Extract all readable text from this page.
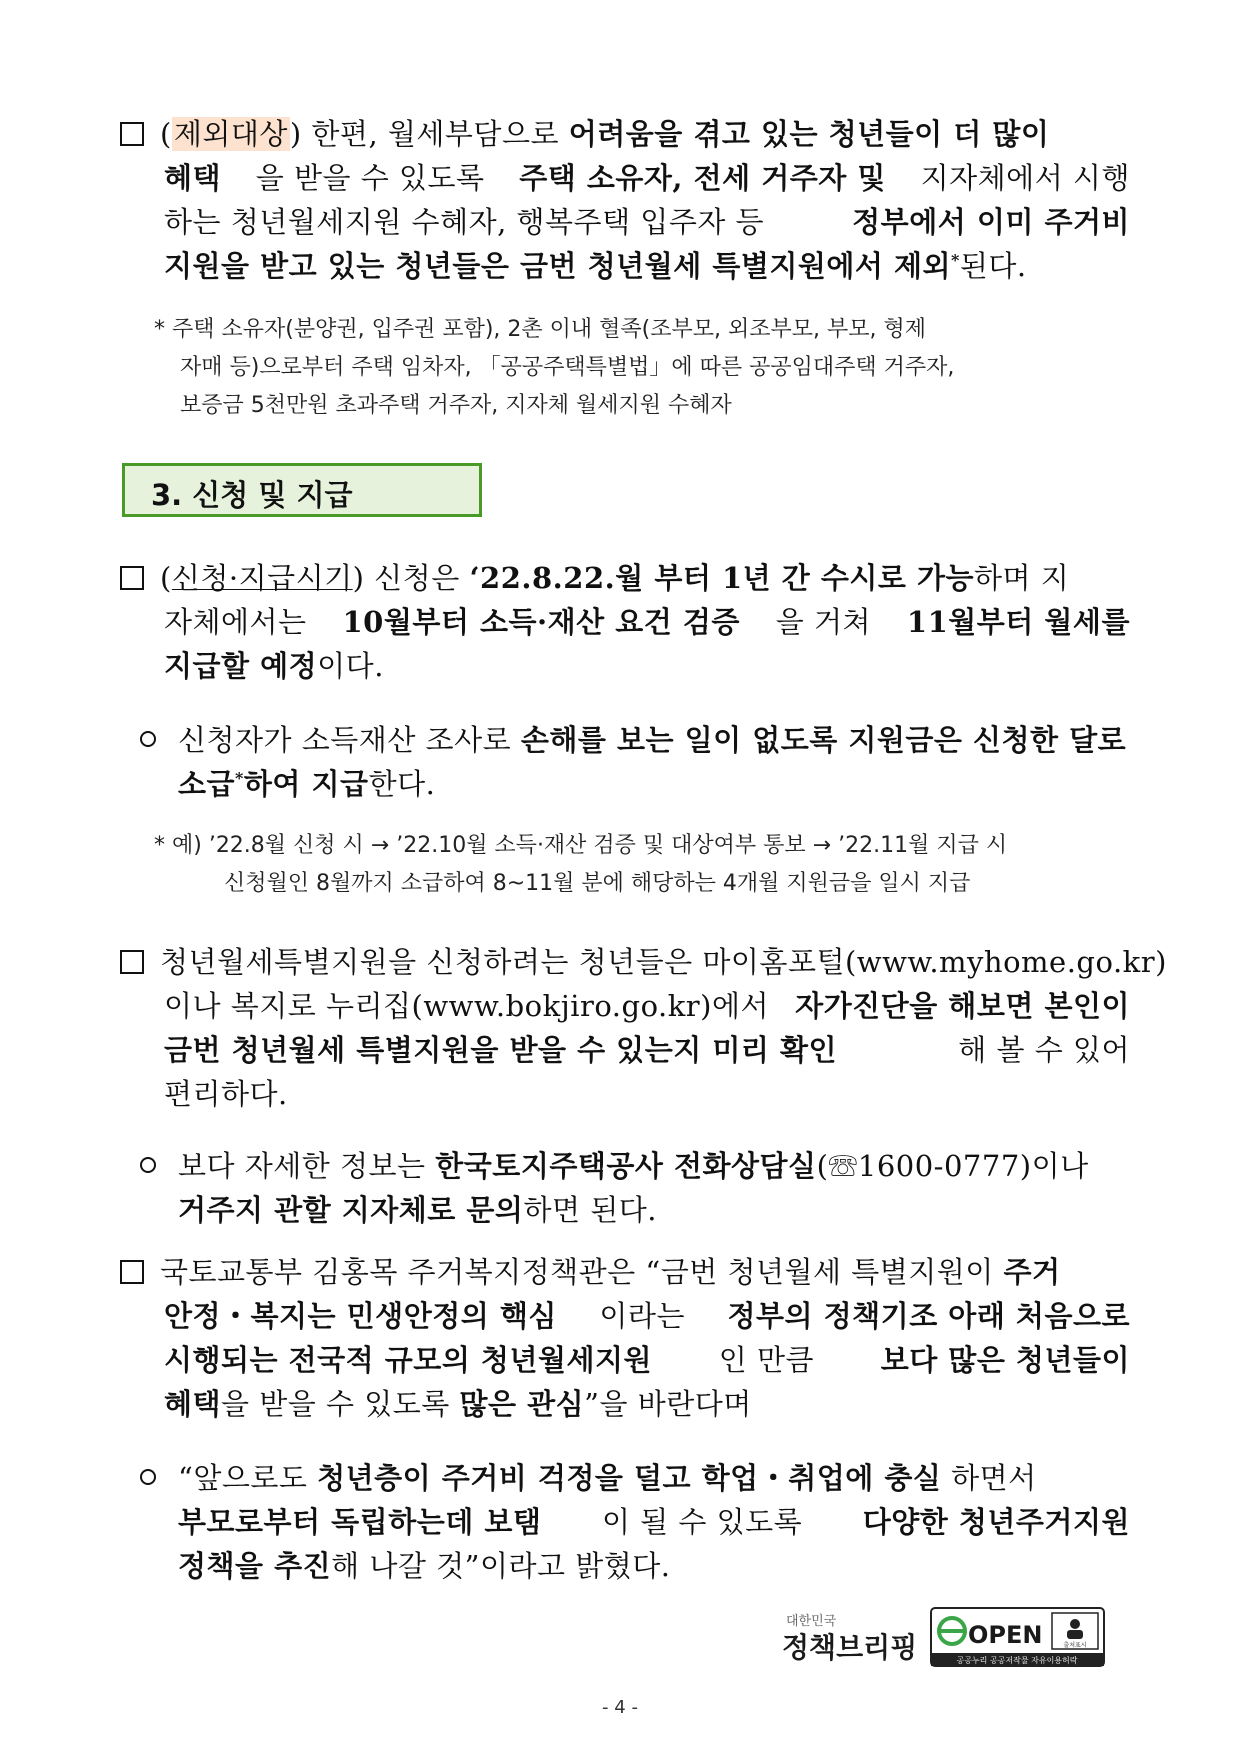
(제외대상) 한편, 월세부담으로 어려움을 겪고 있는 청년들이 더 많이
혜택 을 받을 수 있도록 주택 소유자, 전세 거주자 및 지자체에서 시행
하는 청년월세지원 수혜자, 행복주택 입주자 등	정부에서 이미 주거비
지원을 받고 있는 청년들은 금번 청년월세 특별지원에서 제외*된다.
* 주택 소유자(분양권, 입주권 포함), 2촌 이내 혈족(조부모, 외조부모, 부모, 형제
자매 등)으로부터 주택 임차자, 「공공주택특별법」에 따른 공공임대주택 거주자,
보증금 5천만원 초과주택 거주자, 지자체 월세지원 수혜자
3. 신청 및 지급
(신청·지급시기) 신청은 ‘22.8.22.월 부터 1년 간 수시로 가능하며 지
자체에서는 10월부터 소득·재산 요건 검증 을 거쳐 11월부터 월세를
지급할 예정이다.
신청자가 소득재산 조사로 손해를 보는 일이 없도록 지원금은 신청한 달로
소급*하여 지급한다.
* 예) ’22.8월 신청 시 → ’22.10월 소득·재산 검증 및 대상여부 통보 → ’22.11월 지급 시
신청월인 8월까지 소급하여 8~11월 분에 해당하는 4개월 지원금을 일시 지급
청년월세특별지원을 신청하려는 청년들은 마이홈포털(www.myhome.go.kr)
이나 복지로 누리집(www.bokjiro.go.kr)에서 자가진단을 해보면 본인이
금번 청년월세 특별지원을 받을 수 있는지 미리 확인	해 볼 수 있어
편리하다.
보다 자세한 정보는 한국토지주택공사 전화상담실(☏1600-0777)이나
거주지 관할 지자체로 문의하면 된다.
국토교통부 김홍목 주거복지정책관은 “금번 청년월세 특별지원이 주거
안정・복지는 민생안정의 핵심 이라는 정부의 정책기조 아래 처음으로
시행되는 전국적 규모의 청년월세지원 인 만큼 보다 많은 청년들이
혜택을 받을 수 있도록 많은 관심”을 바란다며
“앞으로도 청년층이 주거비 걱정을 덜고 학업・취업에 충실 하면서
부모로부터 독립하는데 보탬 이 될 수 있도록 다양한 청년주거지원
정책을 추진해 나갈 것”이라고 밝혔다.
대한민국
정책브리핑 OPEN	출처표시
공공누리 공공저작물 자유이용허락
- 4 -
